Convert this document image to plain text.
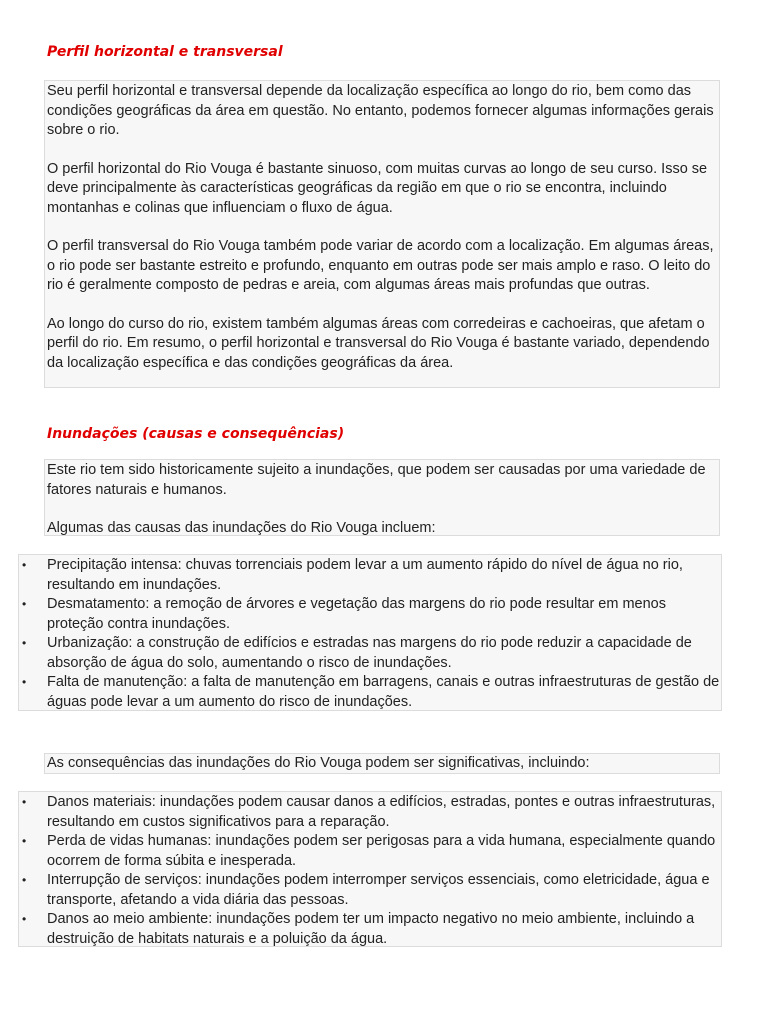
Perfil horizontal e transversal

Seu perfil horizontal e transversal depende da localização específica ao longo do rio, bem como das condições geográficas da área em questão. No entanto, podemos fornecer algumas informações gerais sobre o rio.

O perfil horizontal do Rio Vouga é bastante sinuoso, com muitas curvas ao longo de seu curso. Isso se deve principalmente às características geográficas da região em que o rio se encontra, incluindo montanhas e colinas que influenciam o fluxo de água.

O perfil transversal do Rio Vouga também pode variar de acordo com a localização. Em algumas áreas, o rio pode ser bastante estreito e profundo, enquanto em outras pode ser mais amplo e raso. O leito do rio é geralmente composto de pedras e areia, com algumas áreas mais profundas que outras.

Ao longo do curso do rio, existem também algumas áreas com corredeiras e cachoeiras, que afetam o perfil do rio. Em resumo, o perfil horizontal e transversal do Rio Vouga é bastante variado, dependendo da localização específica e das condições geográficas da área.

Inundações (causas e consequências)

Este rio tem sido historicamente sujeito a inundações, que podem ser causadas por uma variedade de fatores naturais e humanos.

Algumas das causas das inundações do Rio Vouga incluem:

• Precipitação intensa: chuvas torrenciais podem levar a um aumento rápido do nível de água no rio, resultando em inundações.
• Desmatamento: a remoção de árvores e vegetação das margens do rio pode resultar em menos proteção contra inundações.
• Urbanização: a construção de edifícios e estradas nas margens do rio pode reduzir a capacidade de absorção de água do solo, aumentando o risco de inundações.
• Falta de manutenção: a falta de manutenção em barragens, canais e outras infraestruturas de gestão de águas pode levar a um aumento do risco de inundações.

As consequências das inundações do Rio Vouga podem ser significativas, incluindo:

• Danos materiais: inundações podem causar danos a edifícios, estradas, pontes e outras infraestruturas, resultando em custos significativos para a reparação.
• Perda de vidas humanas: inundações podem ser perigosas para a vida humana, especialmente quando ocorrem de forma súbita e inesperada.
• Interrupção de serviços: inundações podem interromper serviços essenciais, como eletricidade, água e transporte, afetando a vida diária das pessoas.
• Danos ao meio ambiente: inundações podem ter um impacto negativo no meio ambiente, incluindo a destruição de habitats naturais e a poluição da água.
